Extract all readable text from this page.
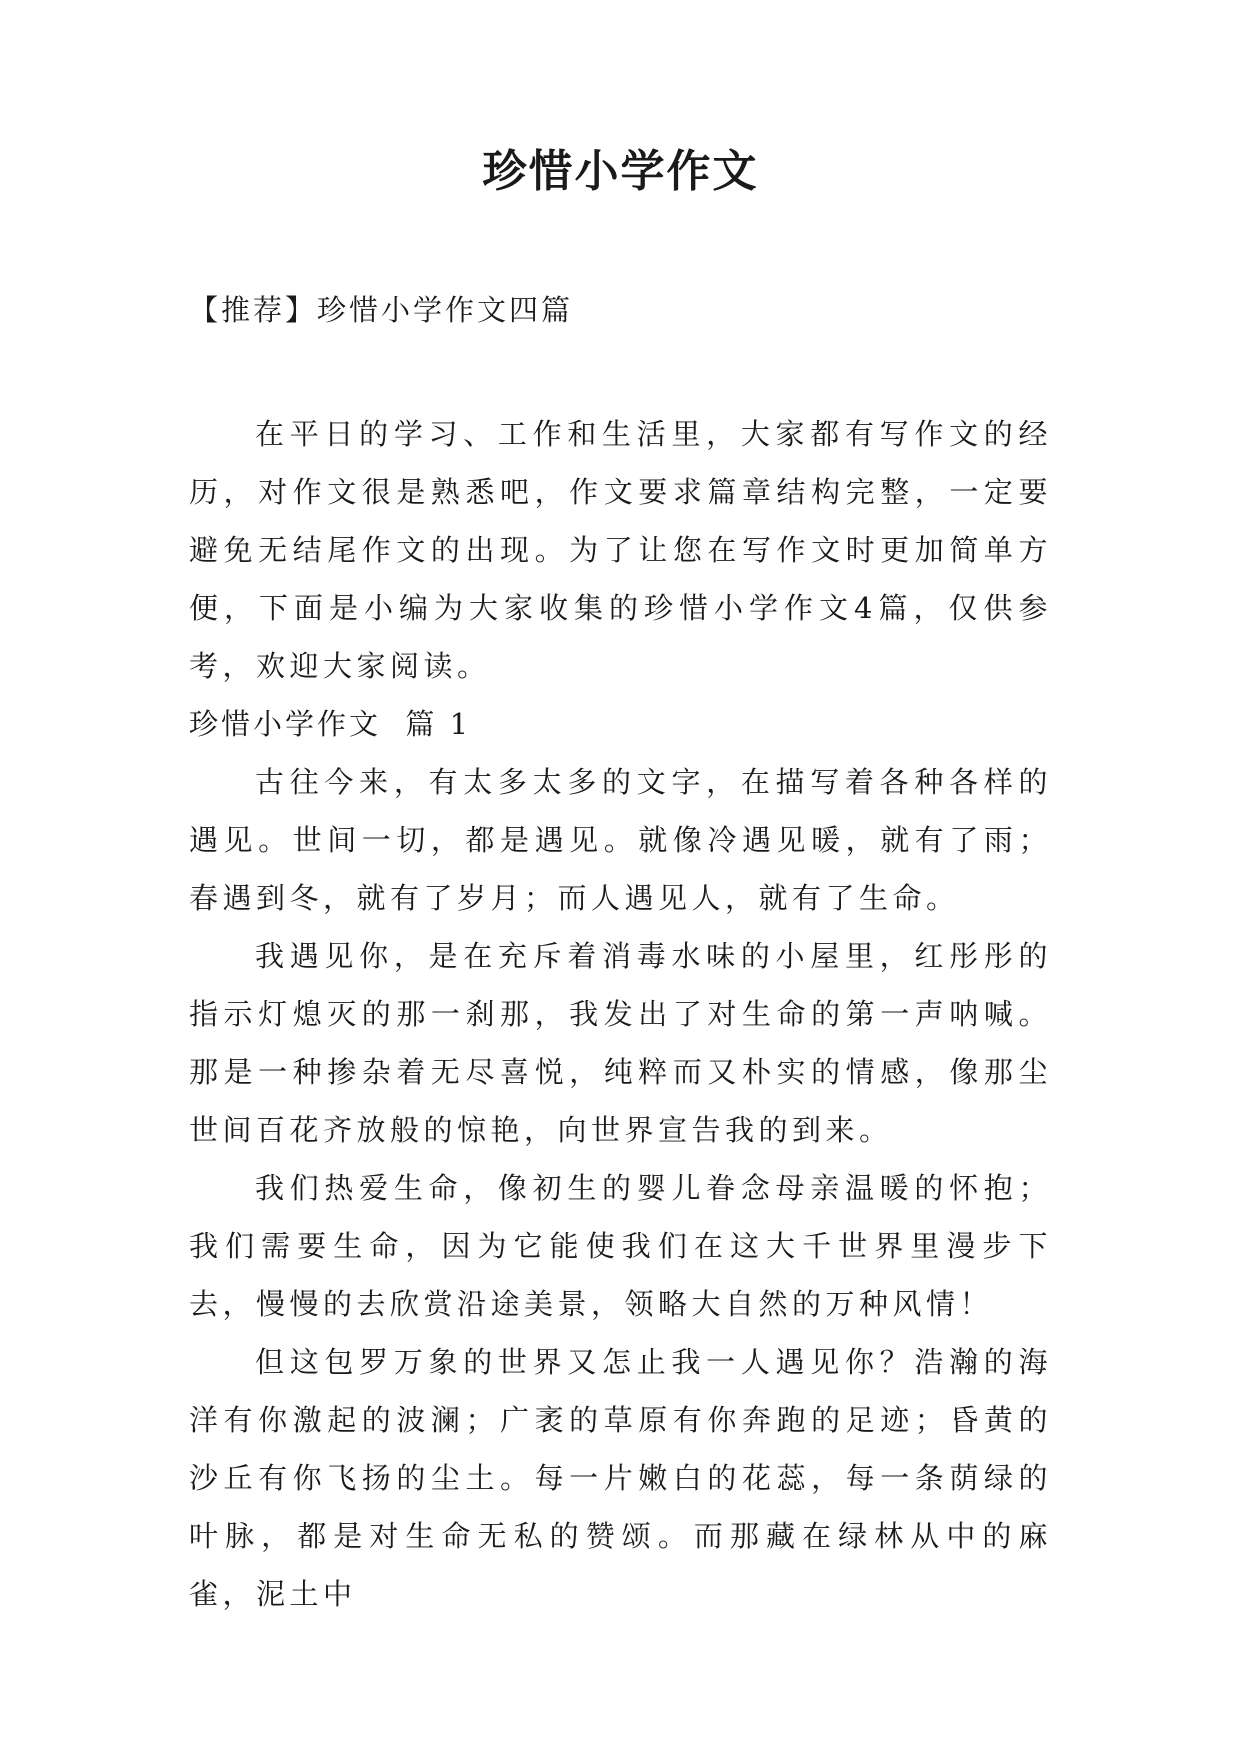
珍惜小学作文
【推荐】珍惜小学作文四篇

在平日的学习、工作和生活里，大家都有写作文的经历，对作文很是熟悉吧，作文要求篇章结构完整，一定要避免无结尾作文的出现。为了让您在写作文时更加简单方便，下面是小编为大家收集的珍惜小学作文4篇，仅供参考，欢迎大家阅读。

珍惜小学作文  篇 1

古往今来，有太多太多的文字，在描写着各种各样的遇见。世间一切，都是遇见。就像冷遇见暖，就有了雨；春遇到冬，就有了岁月；而人遇见人，就有了生命。

我遇见你，是在充斥着消毒水味的小屋里，红彤彤的指示灯熄灭的那一刹那，我发出了对生命的第一声呐喊。那是一种掺杂着无尽喜悦，纯粹而又朴实的情感，像那尘世间百花齐放般的惊艳，向世界宣告我的到来。

我们热爱生命，像初生的婴儿眷念母亲温暖的怀抱；我们需要生命，因为它能使我们在这大千世界里漫步下去，慢慢的去欣赏沿途美景，领略大自然的万种风情！

但这包罗万象的世界又怎止我一人遇见你？浩瀚的海洋有你激起的波澜；广袤的草原有你奔跑的足迹；昏黄的沙丘有你飞扬的尘土。每一片嫩白的花蕊，每一条荫绿的叶脉，都是对生命无私的赞颂。而那藏在绿林从中的麻雀，泥土中
